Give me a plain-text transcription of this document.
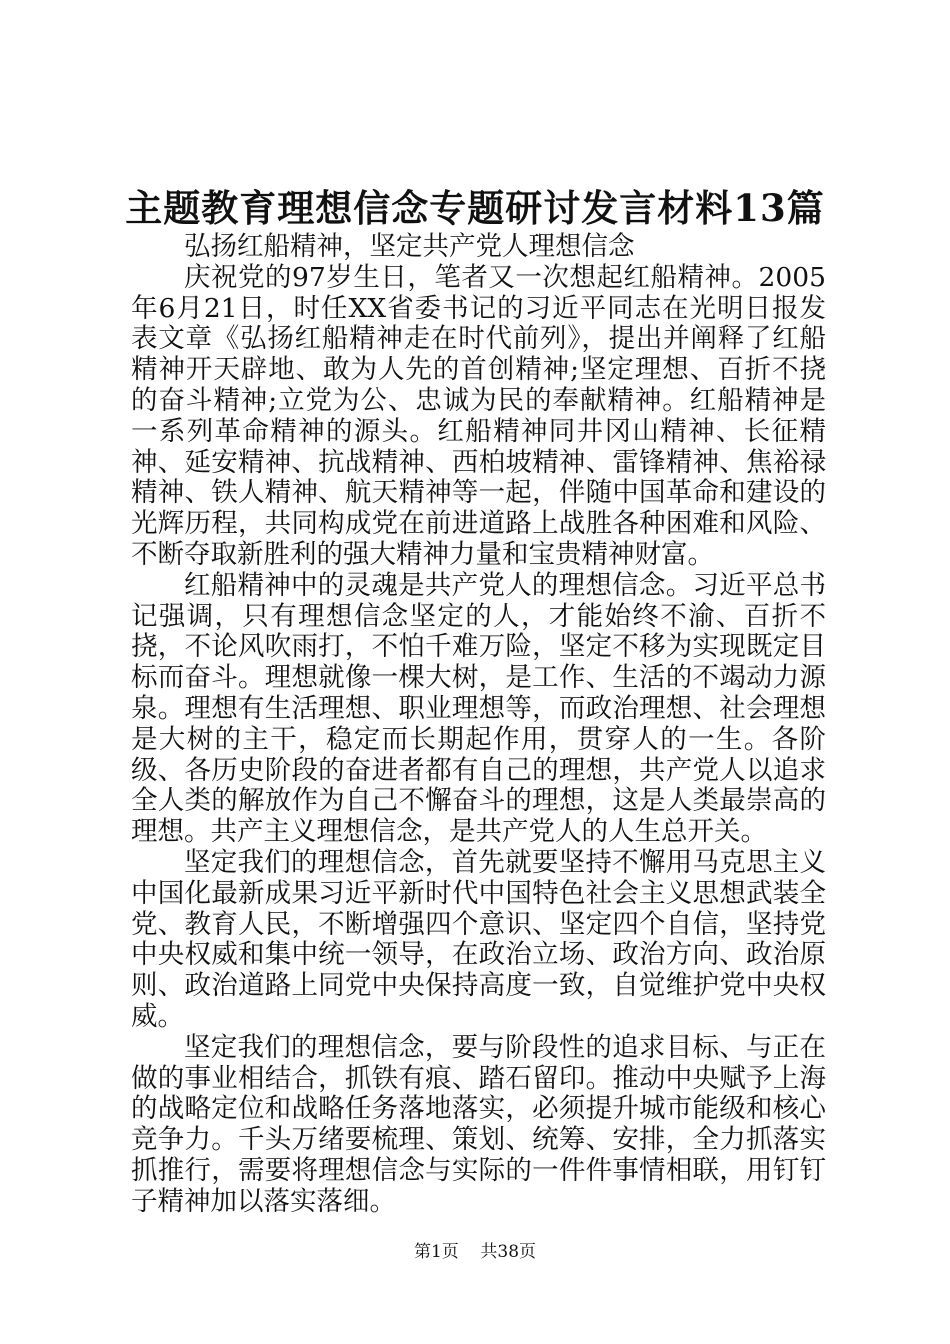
主题教育理想信念专题研讨发言材料13篇

弘扬红船精神，坚定共产党人理想信念

庆祝党的97岁生日，笔者又一次想起红船精神。2005年6月21日，时任XX省委书记的习近平同志在光明日报发表文章《弘扬红船精神走在时代前列》，提出并阐释了红船精神开天辟地、敢为人先的首创精神;坚定理想、百折不挠的奋斗精神;立党为公、忠诚为民的奉献精神。红船精神是一系列革命精神的源头。红船精神同井冈山精神、长征精神、延安精神、抗战精神、西柏坡精神、雷锋精神、焦裕禄精神、铁人精神、航天精神等一起，伴随中国革命和建设的光辉历程，共同构成党在前进道路上战胜各种困难和风险、不断夺取新胜利的强大精神力量和宝贵精神财富。

红船精神中的灵魂是共产党人的理想信念。习近平总书记强调，只有理想信念坚定的人，才能始终不渝、百折不挠，不论风吹雨打，不怕千难万险，坚定不移为实现既定目标而奋斗。理想就像一棵大树，是工作、生活的不竭动力源泉。理想有生活理想、职业理想等，而政治理想、社会理想是大树的主干，稳定而长期起作用，贯穿人的一生。各阶级、各历史阶段的奋进者都有自己的理想，共产党人以追求全人类的解放作为自己不懈奋斗的理想，这是人类最崇高的理想。共产主义理想信念，是共产党人的人生总开关。

坚定我们的理想信念，首先就要坚持不懈用马克思主义中国化最新成果习近平新时代中国特色社会主义思想武装全党、教育人民，不断增强四个意识、坚定四个自信，坚持党中央权威和集中统一领导，在政治立场、政治方向、政治原则、政治道路上同党中央保持高度一致，自觉维护党中央权威。

坚定我们的理想信念，要与阶段性的追求目标、与正在做的事业相结合，抓铁有痕、踏石留印。推动中央赋予上海的战略定位和战略任务落地落实，必须提升城市能级和核心竞争力。千头万绪要梳理、策划、统筹、安排，全力抓落实抓推行，需要将理想信念与实际的一件件事情相联，用钉钉子精神加以落实落细。

第1页 共38页
